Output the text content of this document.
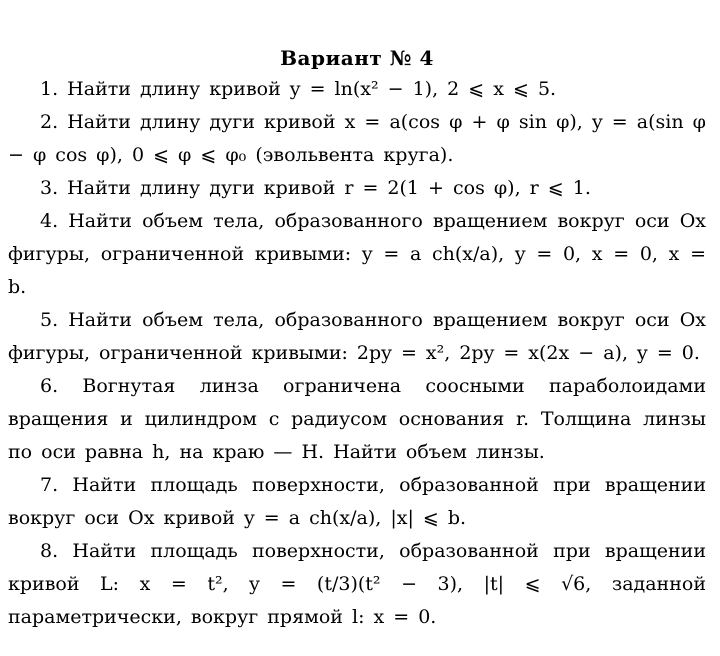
Вариант № 4

1. Найти длину кривой y = ln(x² − 1), 2 ⩽ x ⩽ 5.

2. Найти длину дуги кривой x = a(cos φ + φ sin φ), y = a(sin φ − φ cos φ), 0 ⩽ φ ⩽ φ₀ (эвольвента круга).

3. Найти длину дуги кривой r = 2(1 + cos φ), r ⩽ 1.

4. Найти объем тела, образованного вращением вокруг оси Ox фигуры, ограниченной кривыми: y = a ch(x/a), y = 0, x = 0, x = b.

5. Найти объем тела, образованного вращением вокруг оси Ox фигуры, ограниченной кривыми: 2py = x², 2py = x(2x − a), y = 0.

6. Вогнутая линза ограничена соосными параболоидами вращения и цилиндром с радиусом основания r. Толщина линзы по оси равна h, на краю — H. Найти объем линзы.

7. Найти площадь поверхности, образованной при вращении вокруг оси Ox кривой y = a ch(x/a), |x| ⩽ b.

8. Найти площадь поверхности, образованной при вращении кривой L: x = t², y = (t/3)(t² − 3), |t| ⩽ √6, заданной параметрически, вокруг прямой l: x = 0.
